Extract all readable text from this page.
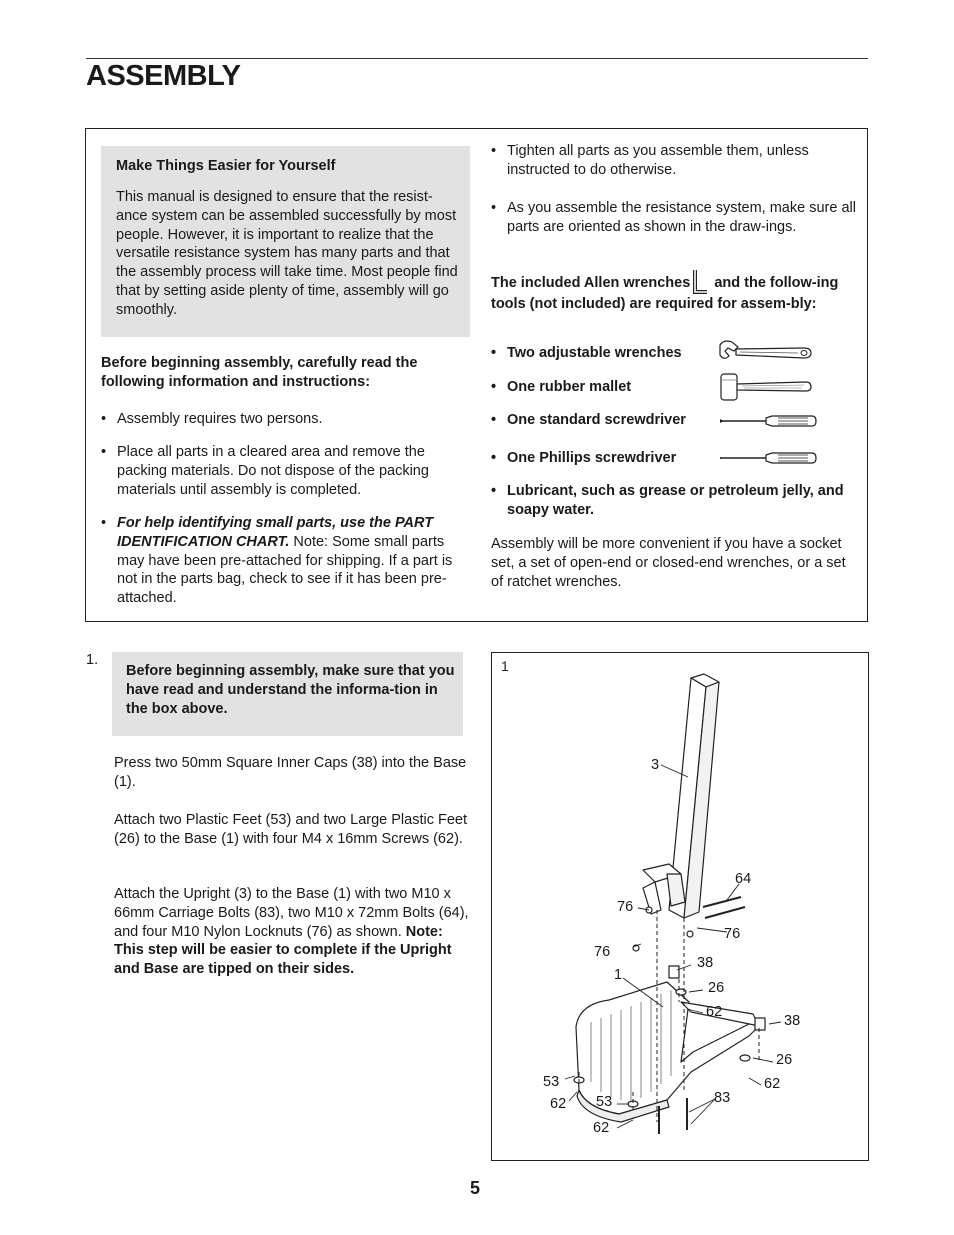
ASSEMBLY
Make Things Easier for Yourself

This manual is designed to ensure that the resist-ance system can be assembled successfully by most people. However, it is important to realize that the versatile resistance system has many parts and that the assembly process will take time. Most people find that by setting aside plenty of time, assembly will go smoothly.

Before beginning assembly, carefully read the following information and instructions:
• Assembly requires two persons.
• Place all parts in a cleared area and remove the packing materials. Do not dispose of the packing materials until assembly is completed.
• For help identifying small parts, use the PART IDENTIFICATION CHART. Note: Some small parts may have been pre-attached for shipping. If a part is not in the parts bag, check to see if it has been pre-attached.
• Tighten all parts as you assemble them, unless instructed to do otherwise.
• As you assemble the resistance system, make sure all parts are oriented as shown in the draw-ings.
The included Allen wrenches and the follow-ing tools (not included) are required for assem-bly:
• Two adjustable wrenches
• One rubber mallet
• One standard screwdriver
• One Phillips screwdriver
• Lubricant, such as grease or petroleum jelly, and soapy water.
Assembly will be more convenient if you have a socket set, a set of open-end or closed-end wrenches, or a set of ratchet wrenches.
1.

Before beginning assembly, make sure that you have read and understand the informa-tion in the box above.

Press two 50mm Square Inner Caps (38) into the Base (1).
Attach two Plastic Feet (53) and two Large Plastic Feet (26) to the Base (1) with four M4 x 16mm Screws (62).
Attach the Upright (3) to the Base (1) with two M10 x 66mm Carriage Bolts (83), two M10 x 72mm Bolts (64), and four M10 Nylon Locknuts (76) as shown. Note: This step will be easier to complete if the Upright and Base are tipped on their sides.
1
3
64
76
76
76
38
1
26
62
38
26
62
53
62 53	83
62
5
